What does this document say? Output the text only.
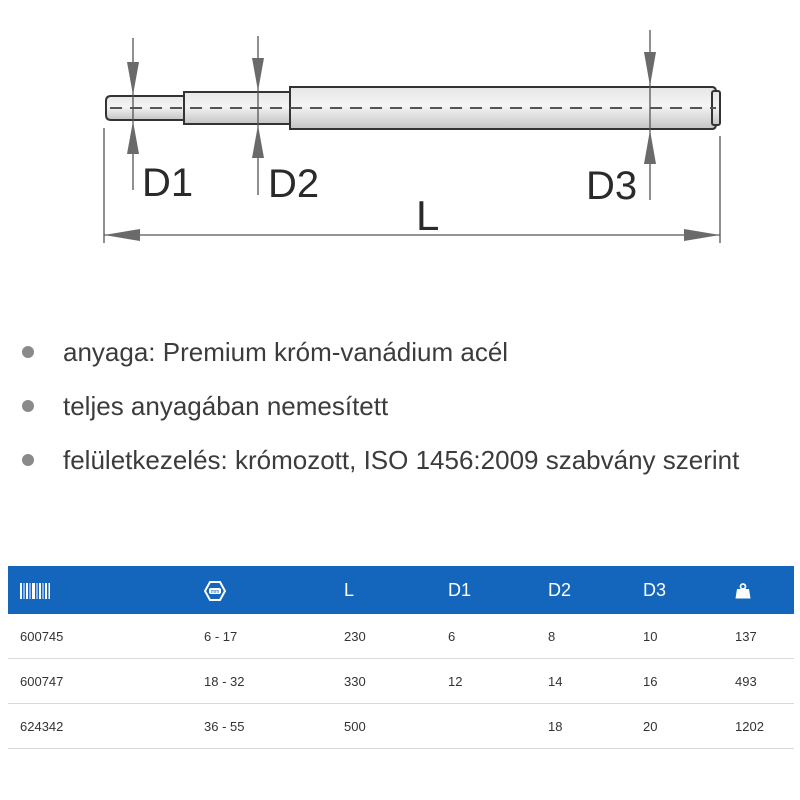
D1 D2	D3
L
anyaga: Premium króm-vanádium acél
teljes anyagában nemesített
felületkezelés: krómozott, ISO 1456:2009 szabvány szerint

mm	L	D1	D2	D3	
600745	6 - 17	230	6	8	10	137
600747	18 - 32	330	12	14	16	493
624342	36 - 55	500		18	20	1202
